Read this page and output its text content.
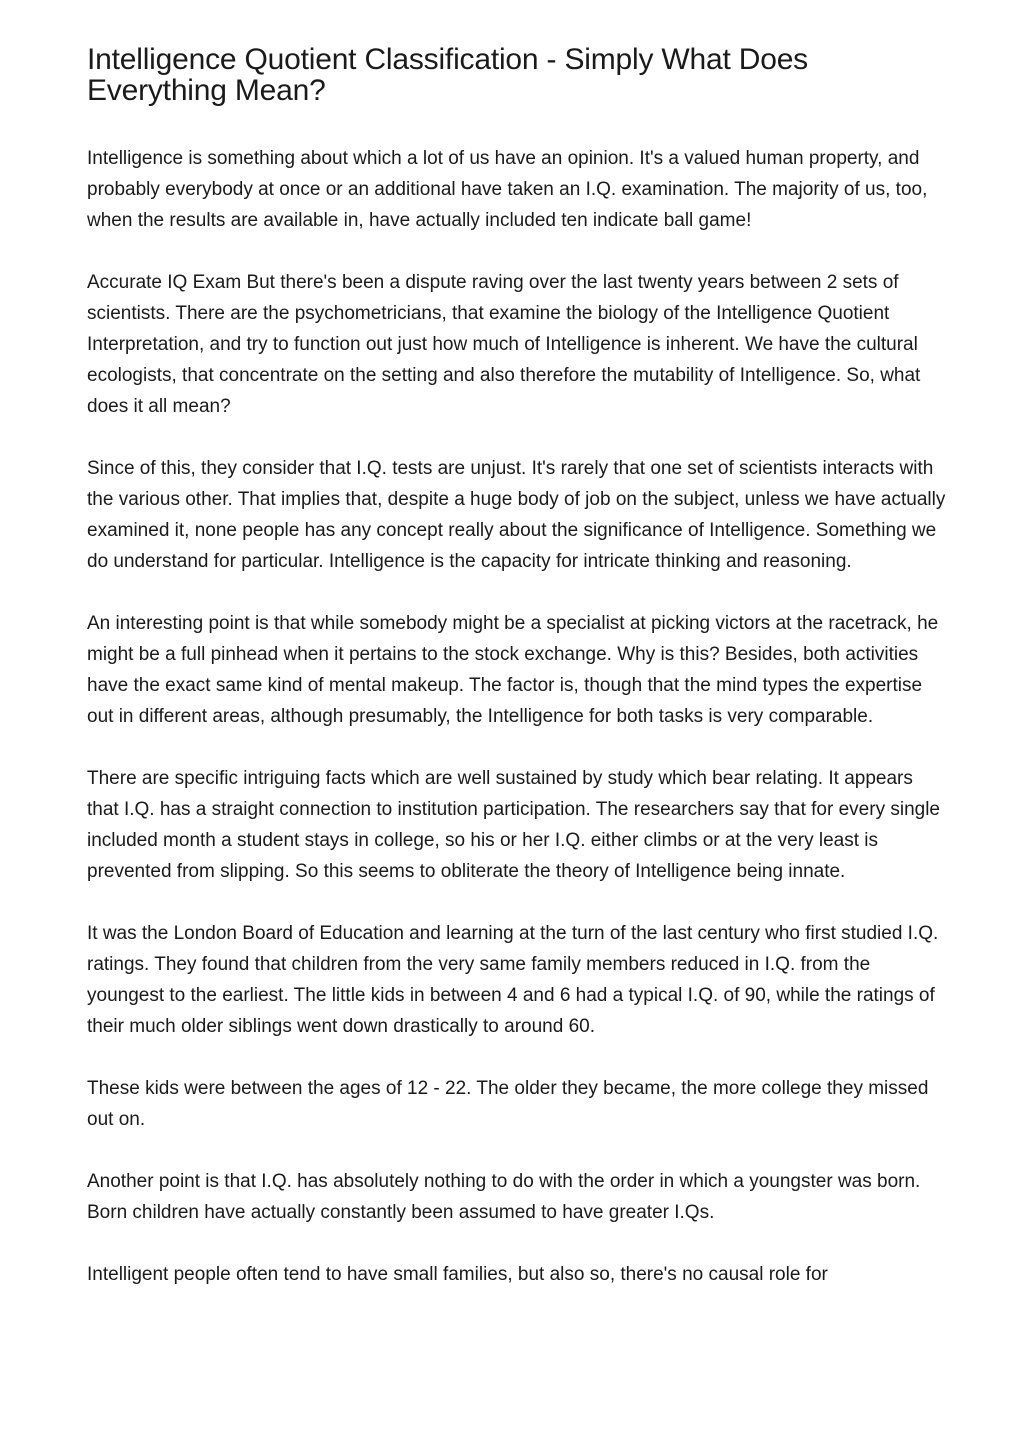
Intelligence Quotient Classification - Simply What Does Everything Mean?

Intelligence is something about which a lot of us have an opinion. It's a valued human property, and probably everybody at once or an additional have taken an I.Q. examination. The majority of us, too, when the results are available in, have actually included ten indicate ball game!

Accurate IQ Exam But there's been a dispute raving over the last twenty years between 2 sets of scientists. There are the psychometricians, that examine the biology of the Intelligence Quotient Interpretation, and try to function out just how much of Intelligence is inherent. We have the cultural ecologists, that concentrate on the setting and also therefore the mutability of Intelligence. So, what does it all mean?

Since of this, they consider that I.Q. tests are unjust. It's rarely that one set of scientists interacts with the various other. That implies that, despite a huge body of job on the subject, unless we have actually examined it, none people has any concept really about the significance of Intelligence. Something we do understand for particular. Intelligence is the capacity for intricate thinking and reasoning.

An interesting point is that while somebody might be a specialist at picking victors at the racetrack, he might be a full pinhead when it pertains to the stock exchange. Why is this? Besides, both activities have the exact same kind of mental makeup. The factor is, though that the mind types the expertise out in different areas, although presumably, the Intelligence for both tasks is very comparable.

There are specific intriguing facts which are well sustained by study which bear relating. It appears that I.Q. has a straight connection to institution participation. The researchers say that for every single included month a student stays in college, so his or her I.Q. either climbs or at the very least is prevented from slipping. So this seems to obliterate the theory of Intelligence being innate.

It was the London Board of Education and learning at the turn of the last century who first studied I.Q. ratings. They found that children from the very same family members reduced in I.Q. from the youngest to the earliest. The little kids in between 4 and 6 had a typical I.Q. of 90, while the ratings of their much older siblings went down drastically to around 60.

These kids were between the ages of 12 - 22. The older they became, the more college they missed out on.

Another point is that I.Q. has absolutely nothing to do with the order in which a youngster was born. Born children have actually constantly been assumed to have greater I.Qs.

Intelligent people often tend to have small families, but also so, there's no causal role for
